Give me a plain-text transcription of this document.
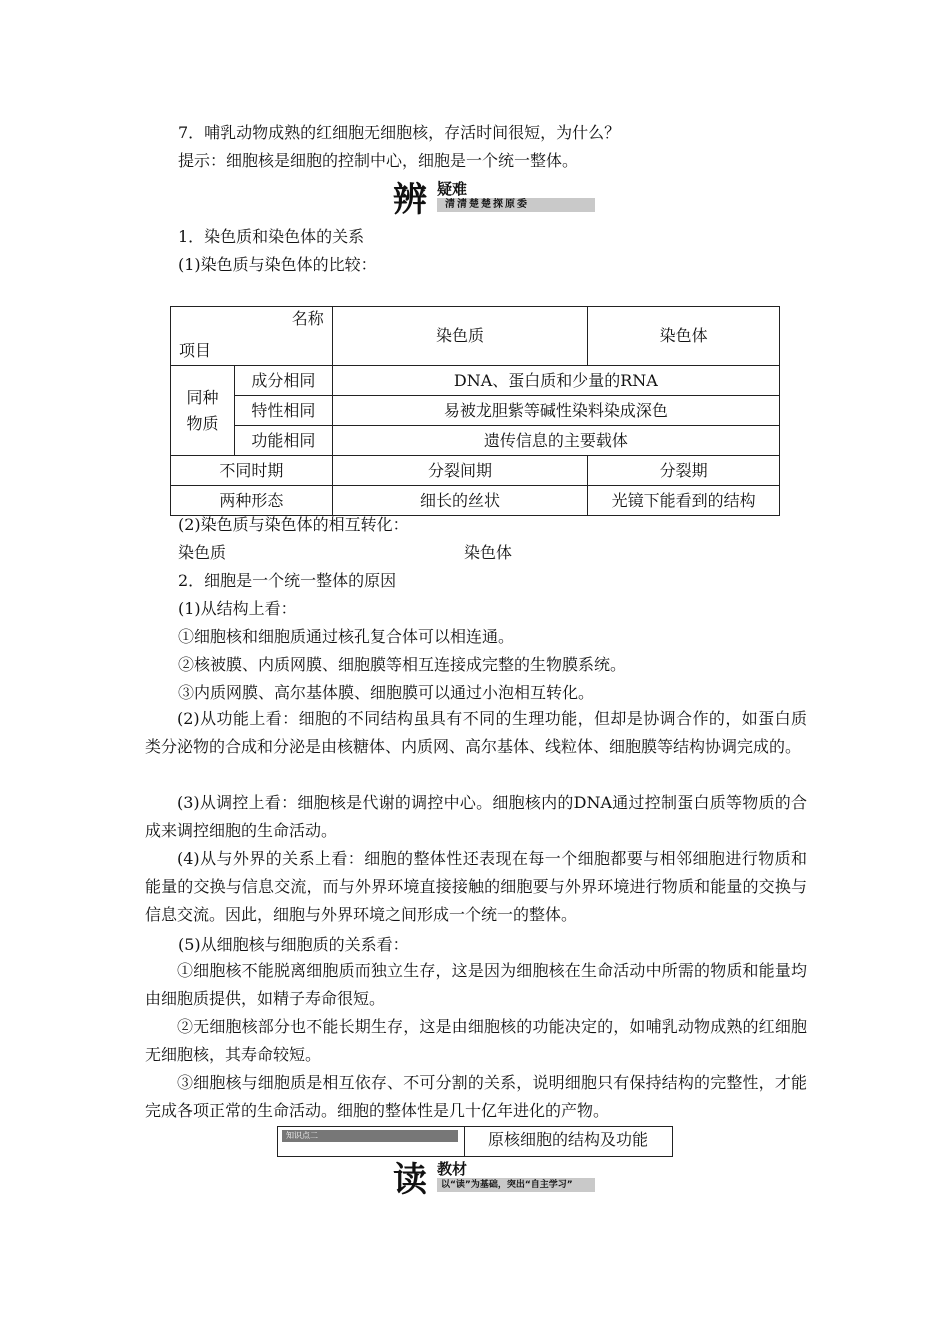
7．哺乳动物成熟的红细胞无细胞核，存活时间很短，为什么？
提示：细胞核是细胞的控制中心，细胞是一个统一整体。
辨 疑难
清清楚楚探原委
1．染色质和染色体的关系
(1)染色质与染色体的比较：
名称
项目		染色质	染色体
同种物质	成分相同	DNA、蛋白质和少量的RNA	
	特性相同	易被龙胆紫等碱性染料染成深色	
	功能相同	遗传信息的主要载体	
不同时期		分裂间期	分裂期
两种形态		细长的丝状	光镜下能看到的结构
(2)染色质与染色体的相互转化：
染色质	染色体
2．细胞是一个统一整体的原因
(1)从结构上看：
①细胞核和细胞质通过核孔复合体可以相连通。
②核被膜、内质网膜、细胞膜等相互连接成完整的生物膜系统。
③内质网膜、高尔基体膜、细胞膜可以通过小泡相互转化。
(2)从功能上看：细胞的不同结构虽具有不同的生理功能，但却是协调合作的，如蛋白质类分泌物的合成和分泌是由核糖体、内质网、高尔基体、线粒体、细胞膜等结构协调完成的。
(3)从调控上看：细胞核是代谢的调控中心。细胞核内的DNA通过控制蛋白质等物质的合成来调控细胞的生命活动。
(4)从与外界的关系上看：细胞的整体性还表现在每一个细胞都要与相邻细胞进行物质和能量的交换与信息交流，而与外界环境直接接触的细胞要与外界环境进行物质和能量的交换与信息交流。因此，细胞与外界环境之间形成一个统一的整体。
(5)从细胞核与细胞质的关系看：
①细胞核不能脱离细胞质而独立生存，这是因为细胞核在生命活动中所需的物质和能量均由细胞质提供，如精子寿命很短。
②无细胞核部分也不能长期生存，这是由细胞核的功能决定的，如哺乳动物成熟的红细胞无细胞核，其寿命较短。
③细胞核与细胞质是相互依存、不可分割的关系，说明细胞只有保持结构的完整性，才能完成各项正常的生命活动。细胞的整体性是几十亿年进化的产物。
知识点二	原核细胞的结构及功能
读 教材
以“读”为基础，突出“自主学习”
